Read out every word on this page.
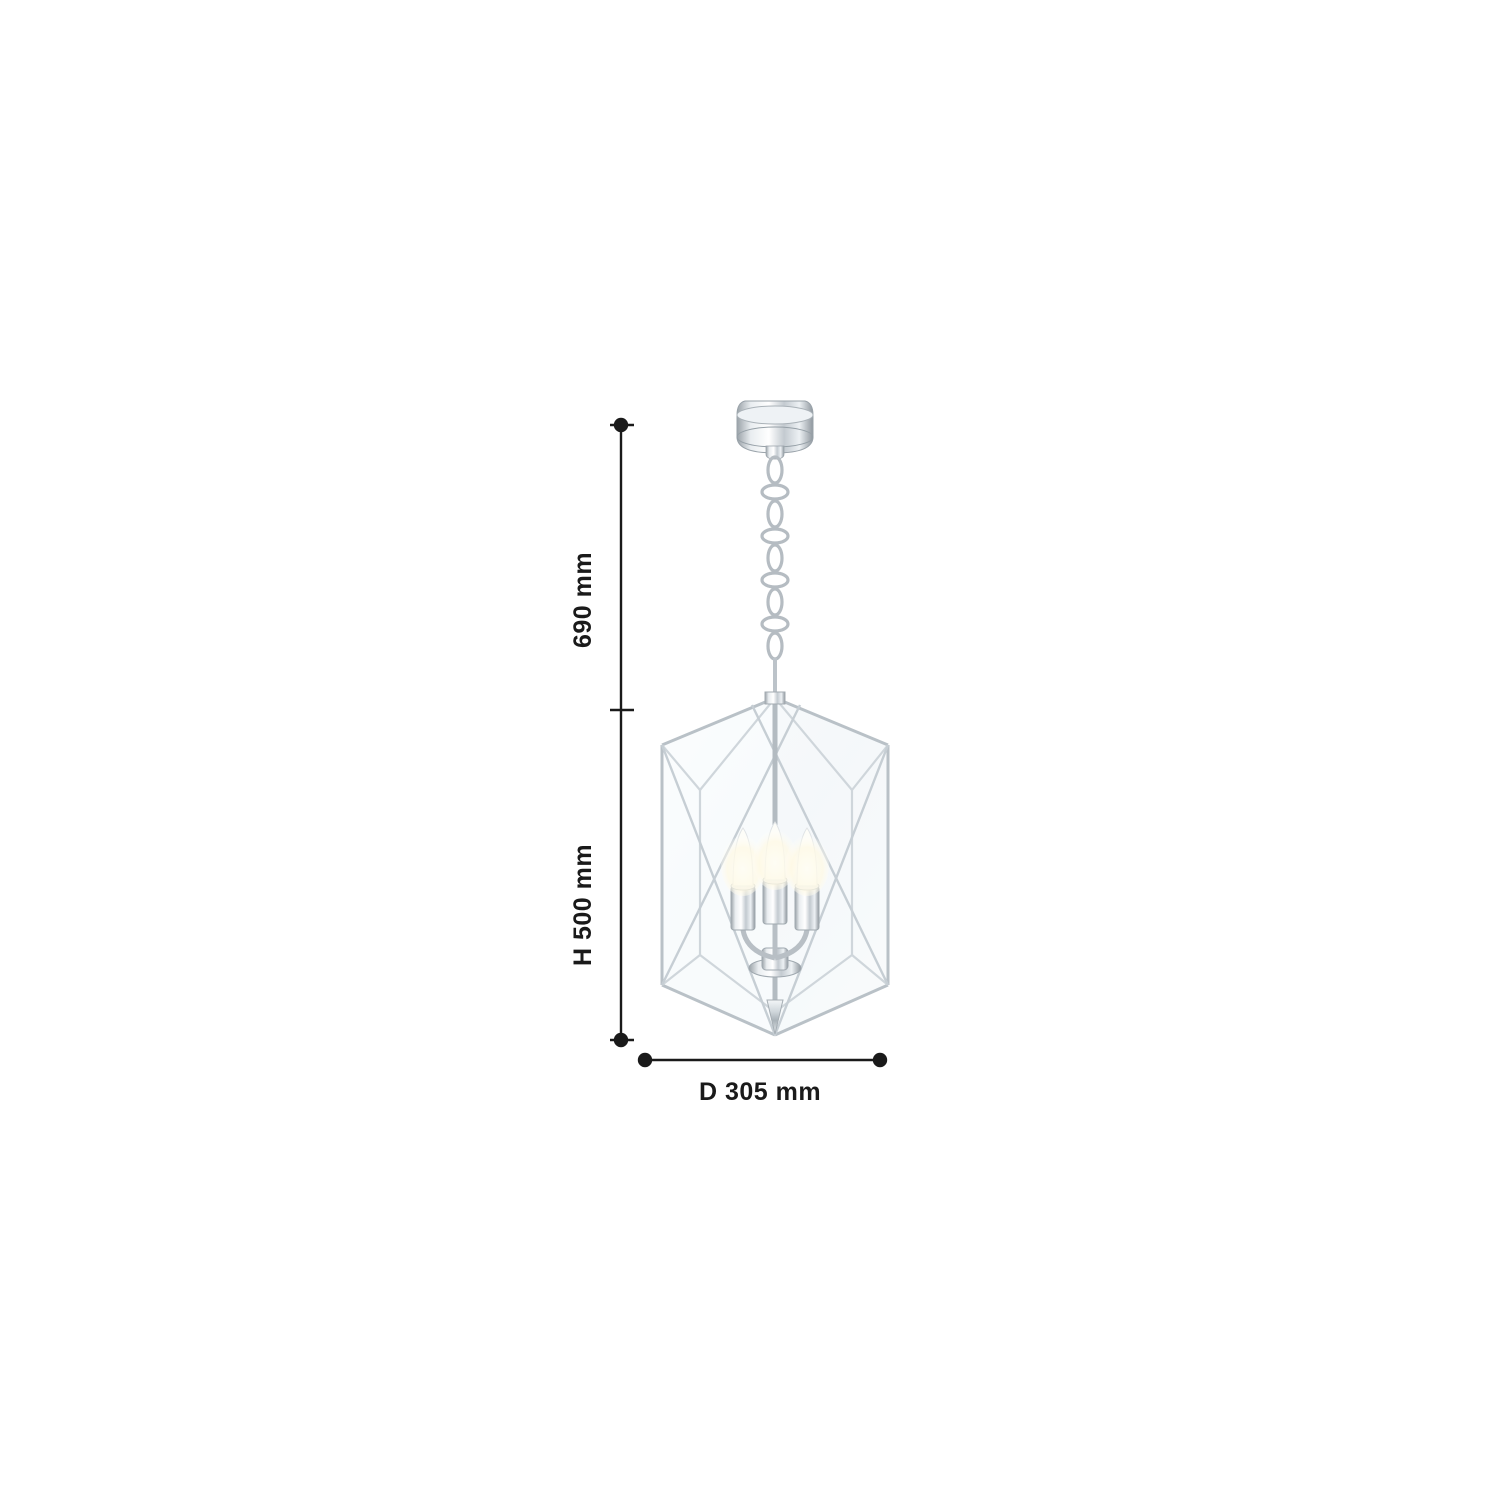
690 mm
H 500 mm
D 305 mm
